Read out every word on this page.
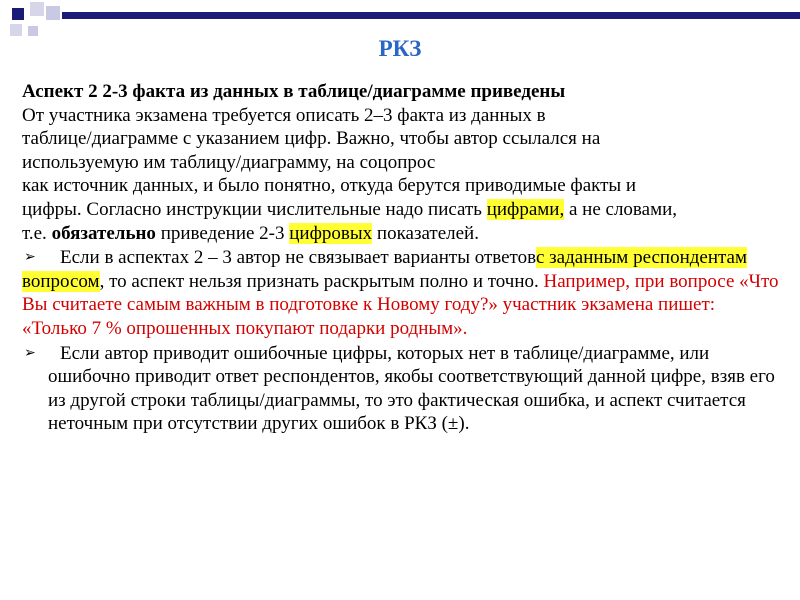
РКЗ

Аспект 2 2-3 факта из данных в таблице/диаграмме приведены

От участника экзамена требуется описать 2–3 факта из данных в
таблице/диаграмме с указанием цифр. Важно, чтобы автор ссылался на
используемую им таблицу/диаграмму, на соцопрос
как источник данных, и было понятно, откуда берутся приводимые факты и
цифры. Согласно инструкции числительные надо писать цифрами, а не словами,
т.е. обязательно приведение 2-3 цифровых показателей.

➢ Если в аспектах 2 – 3 автор не связывает варианты ответовс заданным респондентам вопросом, то аспект нельзя признать раскрытым полно и точно. Например, при вопросе «Что Вы считаете самым важным в подготовке к Новому году?» участник экзамена пишет: «Только 7 % опрошенных покупают подарки родным».

➢	Если автор приводит ошибочные цифры, которых нет в таблице/диаграмме, или ошибочно приводит ответ респондентов, якобы соответствующий данной цифре, взяв его из другой строки таблицы/диаграммы, то это фактическая ошибка, и аспект считается неточным при отсутствии других ошибок в РКЗ (±).
